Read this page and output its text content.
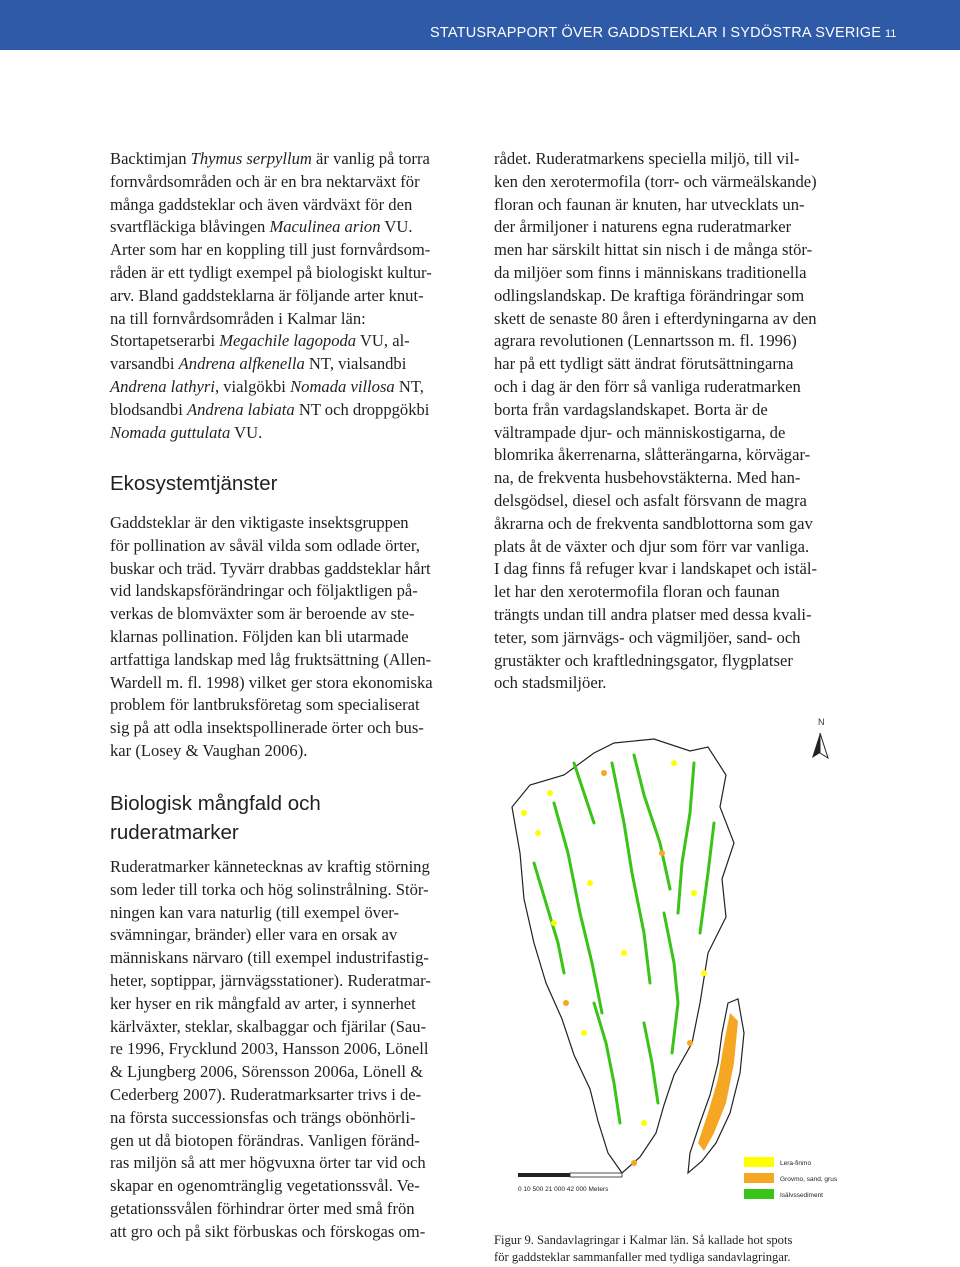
STATUSRAPPORT ÖVER GADDSTEKLAR I SYDÖSTRA SVERIGE 11
Backtimjan Thymus serpyllum är vanlig på torra
fornvårdsområden och är en bra nektarväxt för
många gaddsteklar och även värdväxt för den
svartfläckiga blåvingen Maculinea arion VU.
Arter som har en koppling till just fornvårdsom-
råden är ett tydligt exempel på biologiskt kultur-
arv. Bland gaddsteklarna är följande arter knut-
na till fornvårdsområden i Kalmar län:
Stortapetserarbi Megachile lagopoda VU, al-
varsandbi Andrena alfkenella NT, vialsandbi
Andrena lathyri, vialgökbi Nomada villosa NT,
blodsandbi Andrena labiata NT och droppgökbi
Nomada guttulata VU.
Ekosystemtjänster
Gaddsteklar är den viktigaste insektsgruppen
för pollination av såväl vilda som odlade örter,
buskar och träd. Tyvärr drabbas gaddsteklar hårt
vid landskapsförändringar och följaktligen på-
verkas de blomväxter som är beroende av ste-
klarnas pollination. Följden kan bli utarmade
artfattiga landskap med låg fruktsättning (Allen-
Wardell m. fl. 1998) vilket ger stora ekonomiska
problem för lantbruksföretag som specialiserat
sig på att odla insektspollinerade örter och bus-
kar (Losey & Vaughan 2006).
Biologisk mångfald och
ruderatmarker
Ruderatmarker kännetecknas av kraftig störning
som leder till torka och hög solinstrålning. Stör-
ningen kan vara naturlig (till exempel över-
svämningar, bränder) eller vara en orsak av
människans närvaro (till exempel industrifastig-
heter, soptippar, järnvägsstationer). Ruderatmar-
ker hyser en rik mångfald av arter, i synnerhet
kärlväxter, steklar, skalbaggar och fjärilar (Sau-
re 1996, Frycklund 2003, Hansson 2006, Lönell
& Ljungberg 2006, Sörensson 2006a, Lönell &
Cederberg 2007). Ruderatmarksarter trivs i de-
na första successionsfas och trängs obönhörli-
gen ut då biotopen förändras. Vanligen föränd-
ras miljön så att mer högvuxna örter tar vid och
skapar en ogenomtränglig vegetationssvål. Ve-
getationssvålen förhindrar örter med små frön
att gro och på sikt förbuskas och förskogas om-
rådet. Ruderatmarkens speciella miljö, till vil-
ken den xerotermofila (torr- och värmeälskande)
floran och faunan är knuten, har utvecklats un-
der årmiljoner i naturens egna ruderatmarker
men har särskilt hittat sin nisch i de många stör-
da miljöer som finns i människans traditionella
odlingslandskap. De kraftiga förändringar som
skett de senaste 80 åren i efterdyningarna av den
agrara revolutionen (Lennartsson m. fl. 1996)
har på ett tydligt sätt ändrat förutsättningarna
och i dag är den förr så vanliga ruderatmarken
borta från vardagslandskapet. Borta är de
vältrampade djur- och människostigarna, de
blomrika åkerrenarna, slåtterängarna, körvägar-
na, de frekventa husbehovstäkterna. Med han-
delsgödsel, diesel och asfalt försvann de magra
åkrarna och de frekventa sandblottorna som gav
plats åt de växter och djur som förr var vanliga.
I dag finns få refuger kvar i landskapet och istäl-
let har den xerotermofila floran och faunan
trängts undan till andra platser med dessa kvali-
teter, som järnvägs- och vägmiljöer, sand- och
grustäkter och kraftledningsgator, flygplatser
och stadsmiljöer.
N
0 10 500 21 000 42 000 Meters
Lera-finmo
Grovmo, sand, grus
Isälvssediment
Figur 9. Sandavlagringar i Kalmar län. Så kallade hot spots
för gaddsteklar sammanfaller med tydliga sandavlagringar.
